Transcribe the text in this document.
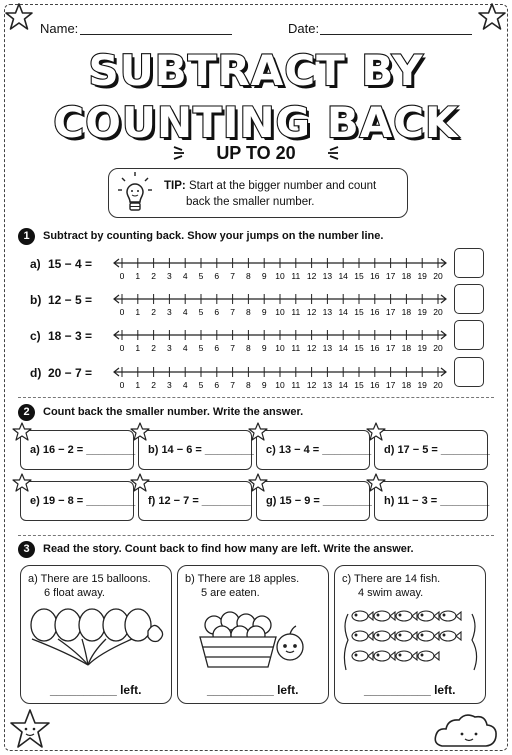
Name:	Date:
SUBTRACT BY
COUNTING BACK
UP TO 20
TIP: Start at the bigger number and count
back the smaller number.
1	Subtract by counting back. Show your jumps on the number line.
a) 15 − 4 =
0 1 2 3 4 5 6 7 8 9 10 11 12 13 14 15 16 17 18 19 20
b) 12 − 5 =
0 1 2 3 4 5 6 7 8 9 10 11 12 13 14 15 16 17 18 19 20
c) 18 − 3 =
0 1 2 3 4 5 6 7 8 9 10 11 12 13 14 15 16 17 18 19 20
d) 20 − 7 =
0 1 2 3 4 5 6 7 8 9 10 11 12 13 14 15 16 17 18 19 20
2	Count back the smaller number. Write the answer.
a) 16 − 2 = ________ b) 14 − 6 = ________ c) 13 − 4 = ________ d) 17 − 5 = ________
e) 19 − 8 = ________ f) 12 − 7 = ________ g) 15 − 9 = ________ h) 11 − 3 = ________
3	Read the story. Count back to find how many are left. Write the answer.
a) There are 15 balloons.
6 float away.
__________ left.
b) There are 18 apples.
5 are eaten.
__________ left.
c) There are 14 fish.
4 swim away.
__________ left.
